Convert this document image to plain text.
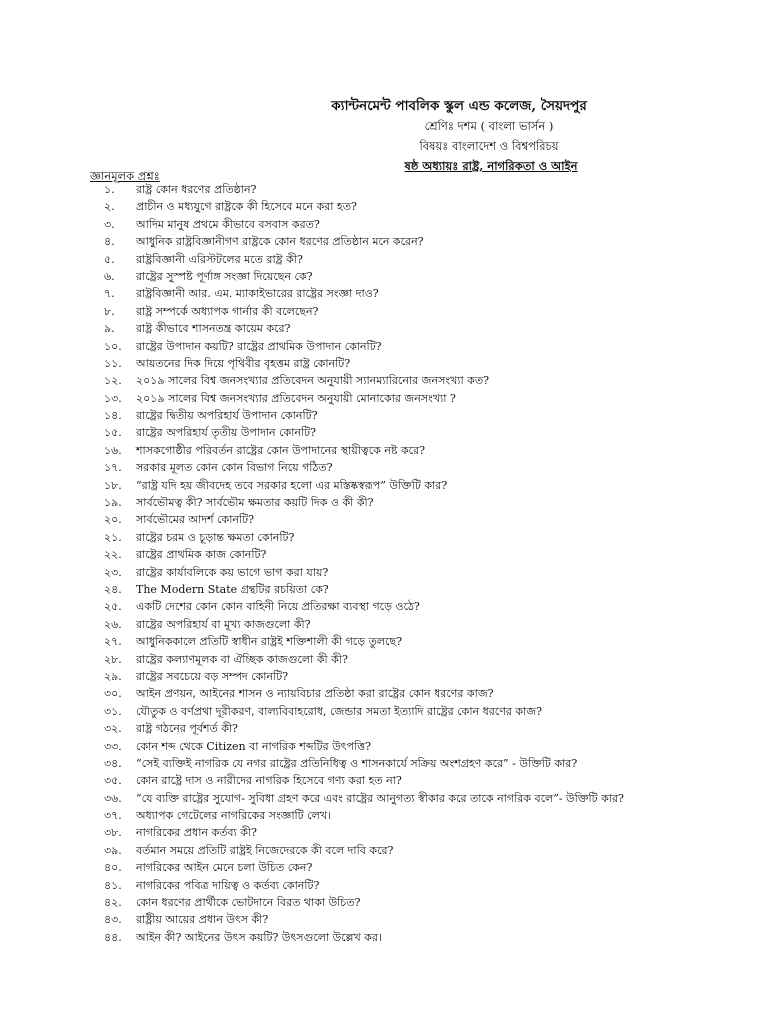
ক্যান্টনমেন্ট পাবলিক স্কুল এন্ড কলেজ, সৈয়দপুর
শ্রেণিঃ দশম ( বাংলা ভার্সন )
বিষয়ঃ বাংলাদেশ ও বিশ্বপরিচয়
ষষ্ঠ অধ্যায়ঃ রাষ্ট্র, নাগরিকতা ও আইন
জ্ঞানমূলক প্রশ্নঃ
১.	রাষ্ট্র কোন ধরণের প্রতিষ্ঠান?
২.	প্রাচীন ও মধ্যযুগে রাষ্ট্রকে কী হিসেবে মনে করা হত?
৩.	আদিম মানুষ প্রথমে কীভাবে বসবাস করত?
৪.	আধুনিক রাষ্ট্রবিজ্ঞানীগণ রাষ্ট্রকে কোন ধরণের প্রতিষ্ঠান মনে করেন?
৫.	রাষ্ট্রবিজ্ঞানী এরিস্টটলের মতে রাষ্ট্র কী?
৬.	রাষ্ট্রের সুস্পষ্ট পূর্ণাঙ্গ সংজ্ঞা দিয়েছেন কে?
৭.	রাষ্ট্রবিজ্ঞানী আর. এম. ম্যাকাইভারের রাষ্ট্রের সংজ্ঞা দাও?
৮.	রাষ্ট্র সম্পর্কে অধ্যাপক গার্নার কী বলেছেন?
৯.	রাষ্ট্র কীভাবে শাসনতন্ত্র কায়েম করে?
১০.	রাষ্ট্রের উপাদান কয়টি? রাষ্ট্রের প্রাথমিক উপাদান কোনটি?
১১.	আয়তনের দিক দিয়ে পৃথিবীর বৃহত্তম রাষ্ট্র কোনটি?
১২.	২০১৯ সালের বিশ্ব জনসংখ্যার প্রতিবেদন অনুযায়ী স্যানম্যারিনোর জনসংখ্যা কত?
১৩.	২০১৯ সালের বিশ্ব জনসংখ্যার প্রতিবেদন অনুযায়ী মোনাকোর জনসংখ্যা ?
১৪.	রাষ্ট্রের দ্বিতীয় অপরিহার্য উপাদান কোনটি?
১৫.	রাষ্ট্রের অপরিহার্য তৃতীয় উপাদান কোনটি?
১৬.	শাসকগোষ্ঠীর পরিবর্তন রাষ্ট্রের কোন উপাদানের স্থায়ীত্বকে নষ্ট করে?
১৭.	সরকার মূলত কোন কোন বিভাগ নিয়ে গঠিত?
১৮.	“রাষ্ট্র যদি হয় জীবদেহ তবে সরকার হলো এর মস্তিষ্কস্বরূপ” উক্তিটি কার?
১৯.	সার্বভৌমত্ব কী? সার্বভৌম ক্ষমতার কয়টি দিক ও কী কী?
২০.	সার্বভৌমের আদর্শ কোনটি?
২১.	রাষ্ট্রের চরম ও চূড়ান্ত ক্ষমতা কোনটি?
২২.	রাষ্ট্রের প্রাথমিক কাজ কোনটি?
২৩.	রাষ্ট্রের কার্যাবলিকে কয় ভাগে ভাগ করা যায়?
২৪.	The Modern State গ্রন্থটির রচয়িতা কে?
২৫.	একটি দেশের কোন কোন বাহিনী নিয়ে প্রতিরক্ষা ব্যবস্থা গড়ে ওঠে?
২৬.	রাষ্ট্রের অপরিহার্য বা মূখ্য কাজগুলো কী?
২৭.	আধুনিককালে প্রতিটি স্বাধীন রাষ্ট্রই শক্তিশালী কী গড়ে তুলছে?
২৮.	রাষ্ট্রের কল্যাণমূলক বা ঐচ্ছিক কাজগুলো কী কী?
২৯.	রাষ্ট্রের সবচেয়ে বড় সম্পদ কোনটি?
৩০.	আইন প্রণয়ন, আইনের শাসন ও ন্যায়বিচার প্রতিষ্ঠা করা রাষ্ট্রের কোন ধরণের কাজ?
৩১.	যৌতুক ও বর্ণপ্রথা দূরীকরণ, বাল্যবিবাহরোধ, জেন্ডার সমতা ইত্যাদি রাষ্ট্রের কোন ধরণের কাজ?
৩২.	রাষ্ট্র গঠনের পূর্বশর্ত কী?
৩৩.	কোন শব্দ থেকে Citizen বা নাগরিক শব্দটির উৎপত্তি?
৩৪.	“সেই ব্যক্তিই নাগরিক যে নগর রাষ্ট্রের প্রতিনিধিত্ব ও শাসনকার্যে সক্রিয় অংশগ্রহণ করে” - উক্তিটি কার?
৩৫.	কোন রাষ্ট্রে দাস ও নারীদের নাগরিক হিসেবে গণ্য করা হত না?
৩৬.	“যে ব্যক্তি রাষ্ট্রের সুযোগ- সুবিধা গ্রহণ করে এবং রাষ্ট্রের আনুগত্য স্বীকার করে তাকে নাগরিক বলে”- উক্তিটি কার?
৩৭.	অধ্যাপক গেটেলের নাগরিকের সংজ্ঞাটি লেখ।
৩৮.	নাগরিকের প্রধান কর্তব্য কী?
৩৯.	বর্তমান সময়ে প্রতিটি রাষ্ট্রই নিজেদেরকে কী বলে দাবি করে?
৪০.	নাগরিকের আইন মেনে চলা উচিত কেন?
৪১.	নাগরিকের পবিত্র দায়িত্ব ও কর্তব্য কোনটি?
৪২.	কোন ধরণের প্রার্থীকে ভোটদানে বিরত থাকা উচিত?
৪৩.	রাষ্ট্রীয় আয়ের প্রধান উৎস কী?
৪৪.	আইন কী? আইনের উৎস কয়টি? উৎসগুলো উল্লেখ কর।
